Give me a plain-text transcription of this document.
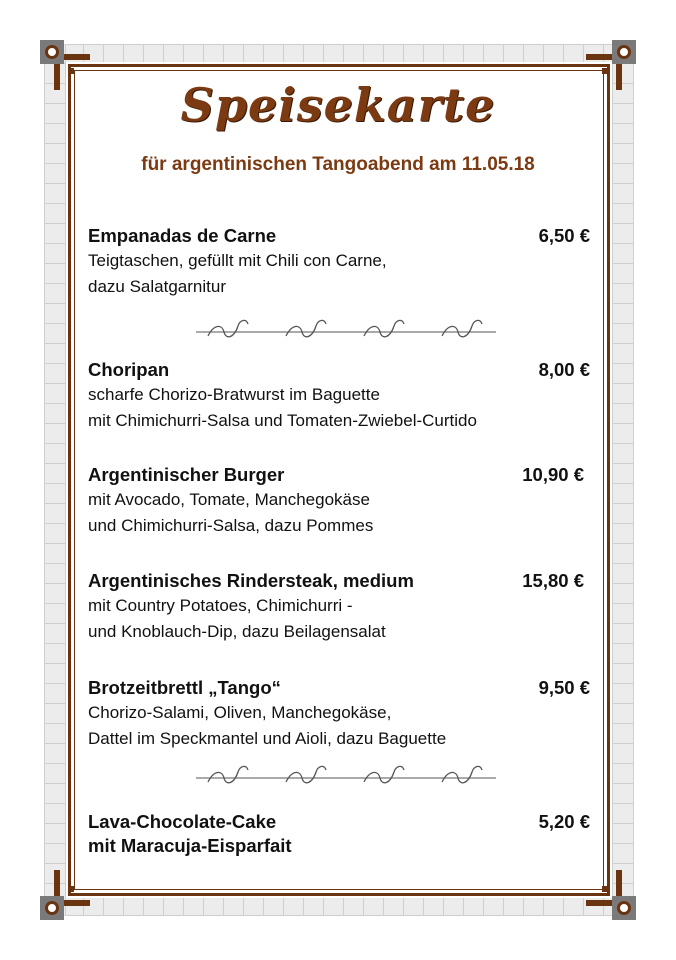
Speisekarte
für argentinischen Tangoabend am 11.05.18
Empanadas de Carne	6,50 €
Teigtaschen, gefüllt mit Chili con Carne,
dazu Salatgarnitur
Choripan	8,00 €
scharfe Chorizo-Bratwurst im Baguette
mit Chimichurri-Salsa und Tomaten-Zwiebel-Curtido
Argentinischer Burger	10,90 €
mit Avocado, Tomate, Manchegokäse
und Chimichurri-Salsa, dazu Pommes
Argentinisches Rindersteak, medium	15,80 €
mit Country Potatoes, Chimichurri -
und Knoblauch-Dip, dazu Beilagensalat
Brotzeitbrettl „Tango“	9,50 €
Chorizo-Salami, Oliven, Manchegokäse,
Dattel im Speckmantel und Aioli, dazu Baguette
Lava-Chocolate-Cake
mit Maracuja-Eisparfait
5,20 €
